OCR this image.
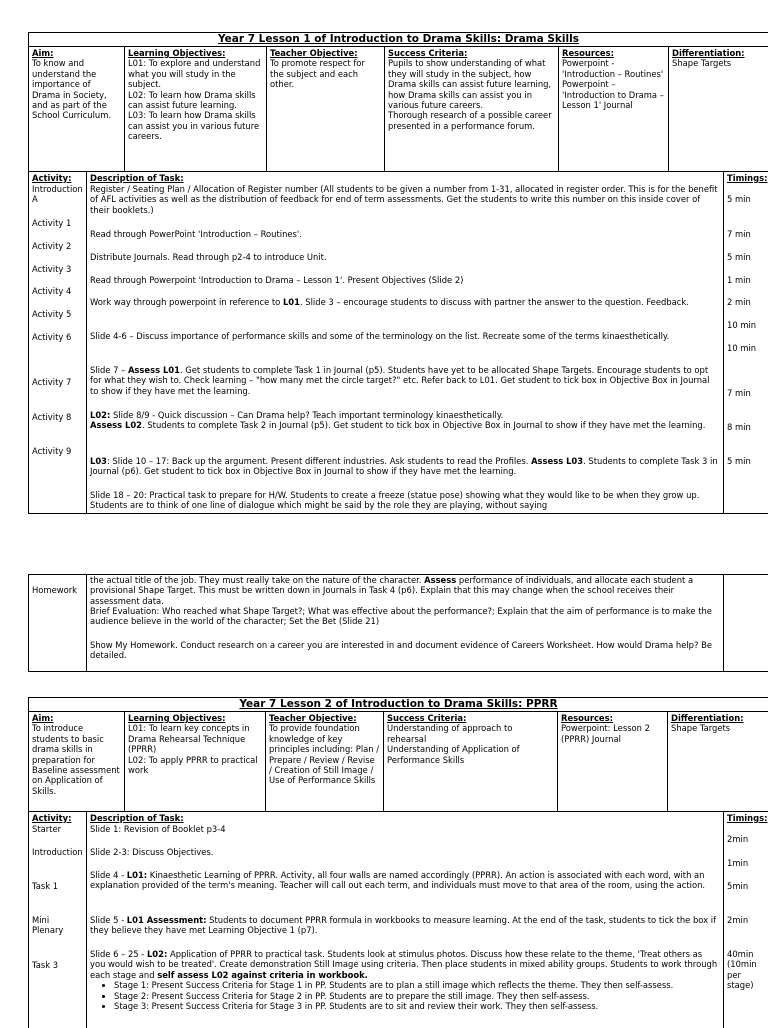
Year 7 Lesson 1 of Introduction to Drama Skills: Drama Skills
Aim:
To know and understand the importance of Drama in Society, and as part of the School Curriculum.
Learning Objectives:
L01: To explore and understand what you will study in the subject.
L02: To learn how Drama skills can assist future learning.
L03: To learn how Drama skills can assist you in various future careers.
Teacher Objective:
To promote respect for the subject and each other.
Success Criteria:
Pupils to show understanding of what they will study in the subject, how Drama skills can assist future learning, how Drama skills can assist you in various future careers.
Thorough research of a possible career presented in a performance forum.
Resources:
Powerpoint - 'Introduction – Routines' Powerpoint – 'Introduction to Drama – Lesson 1' Journal
Differentiation:
Shape Targets
Activity:
Introduction A
Activity 1
Activity 2
Activity 3
Activity 4
Activity 5
Activity 6
Activity 7
Activity 8
Activity 9
Description of Task:
Register / Seating Plan / Allocation of Register number (All students to be given a number from 1-31, allocated in register order. This is for the benefit of AFL activities as well as the distribution of feedback for end of term assessments. Get the students to write this number on this inside cover of their booklets.)
Read through PowerPoint 'Introduction – Routines'.
Distribute Journals. Read through p2-4 to introduce Unit.
Read through Powerpoint 'Introduction to Drama – Lesson 1'. Present Objectives (Slide 2)
Work way through powerpoint in reference to L01. Slide 3 – encourage students to discuss with partner the answer to the question. Feedback.
Slide 4-6 – Discuss importance of performance skills and some of the terminology on the list. Recreate some of the terms kinaesthetically.
Slide 7 – Assess L01. Get students to complete Task 1 in Journal (p5). Students have yet to be allocated Shape Targets. Encourage students to opt for what they wish to. Check learning – "how many met the circle target?" etc. Refer back to L01. Get student to tick box in Objective Box in Journal to show if they have met the learning.
L02: Slide 8/9 - Quick discussion – Can Drama help? Teach important terminology kinaesthetically.
Assess L02. Students to complete Task 2 in Journal (p5). Get student to tick box in Objective Box in Journal to show if they have met the learning.
L03: Slide 10 – 17: Back up the argument. Present different industries. Ask students to read the Profiles. Assess L03. Students to complete Task 3 in Journal (p6). Get student to tick box in Objective Box in Journal to show if they have met the learning.
Slide 18 – 20: Practical task to prepare for H/W. Students to create a freeze (statue pose) showing what they would like to be when they grow up. Students are to think of one line of dialogue which might be said by the role they are playing, without saying
Timings:
5 min
7 min
5 min
1 min
2 min
10 min
10 min
7 min
8 min
5 min
Homework
the actual title of the job. They must really take on the nature of the character. Assess performance of individuals, and allocate each student a provisional Shape Target. This must be written down in Journals in Task 4 (p6). Explain that this may change when the school receives their assessment data.
Brief Evaluation: Who reached what Shape Target?; What was effective about the performance?; Explain that the aim of performance is to make the audience believe in the world of the character; Set the Bet (Slide 21)
Show My Homework. Conduct research on a career you are interested in and document evidence of Careers Worksheet. How would Drama help? Be detailed.
Year 7 Lesson 2 of Introduction to Drama Skills: PPRR
Aim:
To introduce students to basic drama skills in preparation for Baseline assessment on Application of Skills.
Learning Objectives:
L01: To learn key concepts in Drama Rehearsal Technique (PPRR)
L02: To apply PPRR to practical work
Teacher Objective:
To provide foundation knowledge of key principles including: Plan / Prepare / Review / Revise / Creation of Still Image / Use of Performance Skills
Success Criteria:
Understanding of approach to rehearsal
Understanding of Application of Performance Skills
Resources:
Powerpoint: Lesson 2 (PPRR) Journal
Differentiation:
Shape Targets
Activity:
Starter
Introduction
Task 1
Mini Plenary
Task 3
Description of Task:
Slide 1: Revision of Booklet p3-4
Slide 2-3: Discuss Objectives.
Slide 4 - L01: Kinaesthetic Learning of PPRR. Activity, all four walls are named accordingly (PPRR). An action is associated with each word, with an explanation provided of the term's meaning. Teacher will call out each term, and individuals must move to that area of the room, using the action.
Slide 5 - L01 Assessment: Students to document PPRR formula in workbooks to measure learning. At the end of the task, students to tick the box if they believe they have met Learning Objective 1 (p7).
Slide 6 – 25 - L02: Application of PPRR to practical task. Students look at stimulus photos. Discuss how these relate to the theme, 'Treat others as you would wish to be treated'. Create demonstration Still Image using criteria. Then place students in mixed ability groups. Students to work through each stage and self assess L02 against criteria in workbook.
• Stage 1: Present Success Criteria for Stage 1 in PP. Students are to plan a still image which reflects the theme. They then self-assess.
• Stage 2: Present Success Criteria for Stage 2 in PP. Students are to prepare the still image. They then self-assess.
• Stage 3: Present Success Criteria for Stage 3 in PP. Students are to sit and review their work. They then self-assess.
Timings:
2min
1min
5min
2min
40min (10min per stage)
